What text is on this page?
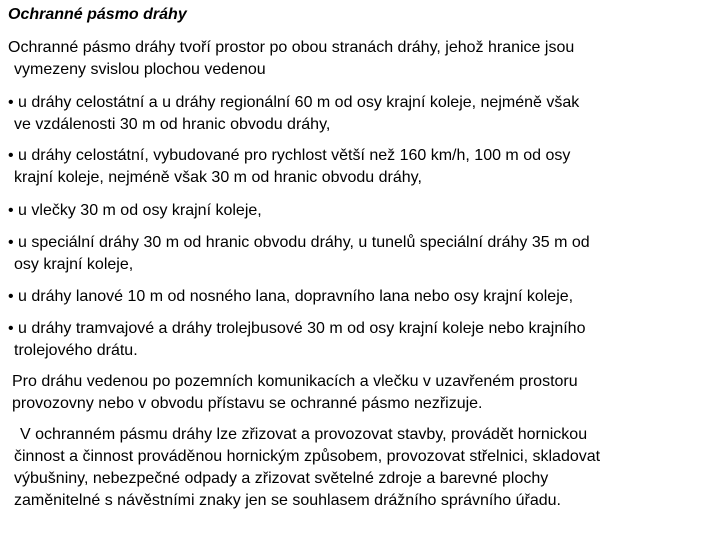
Ochranné pásmo dráhy
Ochranné pásmo dráhy tvoří prostor po obou stranách dráhy, jehož hranice jsou
vymezeny svislou plochou vedenou
• u dráhy celostátní a u dráhy regionální 60 m od osy krajní koleje, nejméně však
ve vzdálenosti 30 m od hranic obvodu dráhy,
• u dráhy celostátní, vybudované pro rychlost větší než 160 km/h, 100 m od osy
krajní koleje, nejméně však 30 m od hranic obvodu dráhy,
• u vlečky 30 m od osy krajní koleje,
• u speciální dráhy 30 m od hranic obvodu dráhy, u tunelů speciální dráhy 35 m od
osy krajní koleje,
• u dráhy lanové 10 m od nosného lana, dopravního lana nebo osy krajní koleje,
• u dráhy tramvajové a dráhy trolejbusové 30 m od osy krajní koleje nebo krajního
trolejového drátu.
Pro dráhu vedenou po pozemních komunikacích a vlečku v uzavřeném prostoru
provozovny nebo v obvodu přístavu se ochranné pásmo nezřizuje.
V ochranném pásmu dráhy lze zřizovat a provozovat stavby, provádět hornickou
činnost a činnost prováděnou hornickým způsobem, provozovat střelnici, skladovat
výbušniny, nebezpečné odpady a zřizovat světelné zdroje a barevné plochy
zaměnitelné s návěstními znaky jen se souhlasem drážního správního úřadu.
